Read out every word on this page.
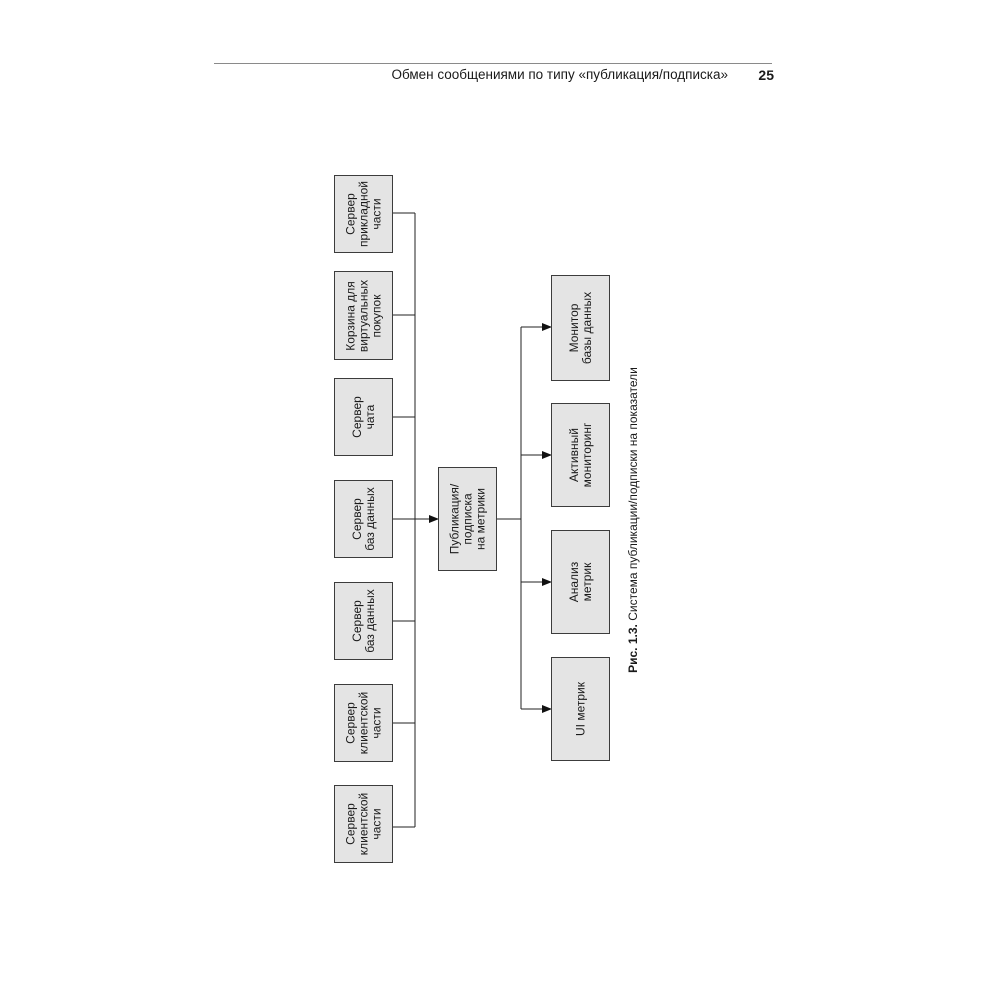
Обмен сообщениями по типу «публикация/подписка»	25
Сервер
прикладной
части
Корзина для
виртуальных
покупок
Сервер
чата
Сервер
баз данных
Сервер
баз данных
Сервер
клиентской
части
Сервер
клиентской
части
Публикация/
подписка
на метрики
Монитор
базы данных
Активный
мониторинг
Анализ
метрик
UI метрик
Рис. 1.3. Система публикации/подписки на показатели
